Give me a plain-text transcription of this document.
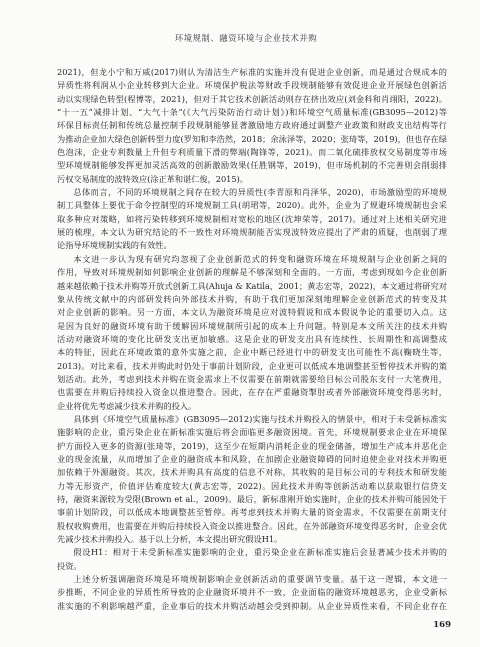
环境规制、融资环境与企业技术并购
2021)，但龙小宁和万威(2017)则认为清洁生产标准的实施并没有促进企业创新，而是通过合规成本的
异质性将利润从小企业转移到大企业。环境保护税法等财政手段规制能够有效促进企业开展绿色创新活
动以实现绿色转型(程博等，2021)，但对于其它技术创新活动则存在挤出效应(刘金科和肖翊阳，2022)。
“十一五”减排计划、“大气十条”(《大气污染防治行动计划》)和环境空气质量标准(GB3095—2012)等
环保目标责任制和传统总量控制手段规制能够显著激励地方政府通过调整产业政策和财政支出结构等行
为推动企业加大绿色创新转型力度(罗知和李浩然，2018；余泳泽等，2020；张琦等，2019)，但也存在绿
色泡沫，企业专利数量上升但专利质量下滑的弊端(陶锋等，2021)。而二氧化硫排放权交易制度等市场
型环境规制能够发挥更加灵活高效的创新激励效果(任胜钢等，2019)，但市场机制的不完善则会削弱排
污权交易制度的波特效应(涂正革和谌仁俊，2015)。
总体而言，不同的环境规制之间存在较大的异质性(李青原和肖泽华，2020)，市场激励型的环境规
制工具整体上要优于命令控制型的环境规制工具(胡珺等，2020)。此外，企业为了规避环境规制也会采
取多种应对策略，如将污染转移到环境规制相对宽松的地区(沈坤荣等，2017)。通过对上述相关研究进
展的梳理，本文认为研究结论的不一致性对环境规制能否实现波特效应提出了严肃的质疑，也削弱了理
论指导环境规制实践的有效性。
本文进一步认为现有研究均忽视了企业创新范式的转变和融资环境在环境规制与企业创新之间的
作用，导致对环境规制如何影响企业创新的理解是不够深刻和全面的。一方面，考虑到现如今企业创新
越来越依赖于技术并购等开放式创新工具(Ahuja & Katila，2001；黄志宏等，2022)，本文通过将研究对
象从传统文献中的内部研发转向外部技术并购，有助于我们更加深刻地理解企业创新范式的转变及其
对企业创新的影响。另一方面，本文认为融资环境是应对波特假说和成本假说争论的重要切入点。这
是因为良好的融资环境有助于缓解因环境规制所引起的成本上升问题。特别是本文所关注的技术并购
活动对融资环境的变化比研发支出更加敏感。这是企业的研发支出具有连续性、长周期性和高调整成
本的特征，因此在环境政策的意外实施之前，企业中断已经进行中的研发支出可能性不高(鞠晓生等，
2013)。对比来看，技术并购此时仍处于事前计划阶段，企业更可以低成本地调整甚至暂停技术并购的策
划活动。此外，考虑到技术并购在资金需求上不仅需要在前期就需要给目标公司股东支付一大笔费用，
也需要在并购后持续投入资金以推进整合。因此，在存在严重融资掣肘或者外部融资环境变得恶劣时，
企业将优先考虑减少技术并购的投入。
具体到《环境空气质量标准》(GB3095—2012)实施与技术并购投入的情景中，相对于未受新标准实
施影响的企业，重污染企业在新标准实施后将会面临更多融资困境。首先，环境规制要求企业在环境保
护方面投入更多的资源(张琦等，2019)，这至少在短期内消耗企业的现金储备，增加生产成本并恶化企
业的现金流量，从而增加了企业的融资成本和风险，在加剧企业融资障碍的同时迫使企业对技术并购更
加依赖于外源融资。其次，技术并购具有高度的信息不对称，其收购的是目标公司的专利技术和研发能
力等无形资产，价值评估难度较大(黄志宏等，2022)。因此技术并购等创新活动难以获取银行信贷支
持，融资来源较为受限(Brown et al.，2009)。最后，新标准刚开始实施时，企业的技术并购可能因处于
事前计划阶段，可以低成本地调整甚至暂停。再考虑到技术并购大量的资金需求，不仅需要在前期支付
股权收购费用，也需要在并购后持续投入资金以推进整合。因此，在外部融资环境变得恶劣时，企业会优
先减少技术并购投入。基于以上分析，本文提出研究假设H1。
假设H1：相对于未受新标准实施影响的企业，重污染企业在新标准实施后会显著减少技术并购的
投资。
上述分析强调融资环境是环境规制影响企业创新活动的重要调节变量。基于这一逻辑，本文进一
步推断，不同企业的异质性所导致的企业融资环境并不一致，企业面临的融资环境越恶劣，企业受新标
准实施的不利影响越严重，企业事后的技术并购活动越会受到抑制。从企业异质性来看，不同企业存在
169
